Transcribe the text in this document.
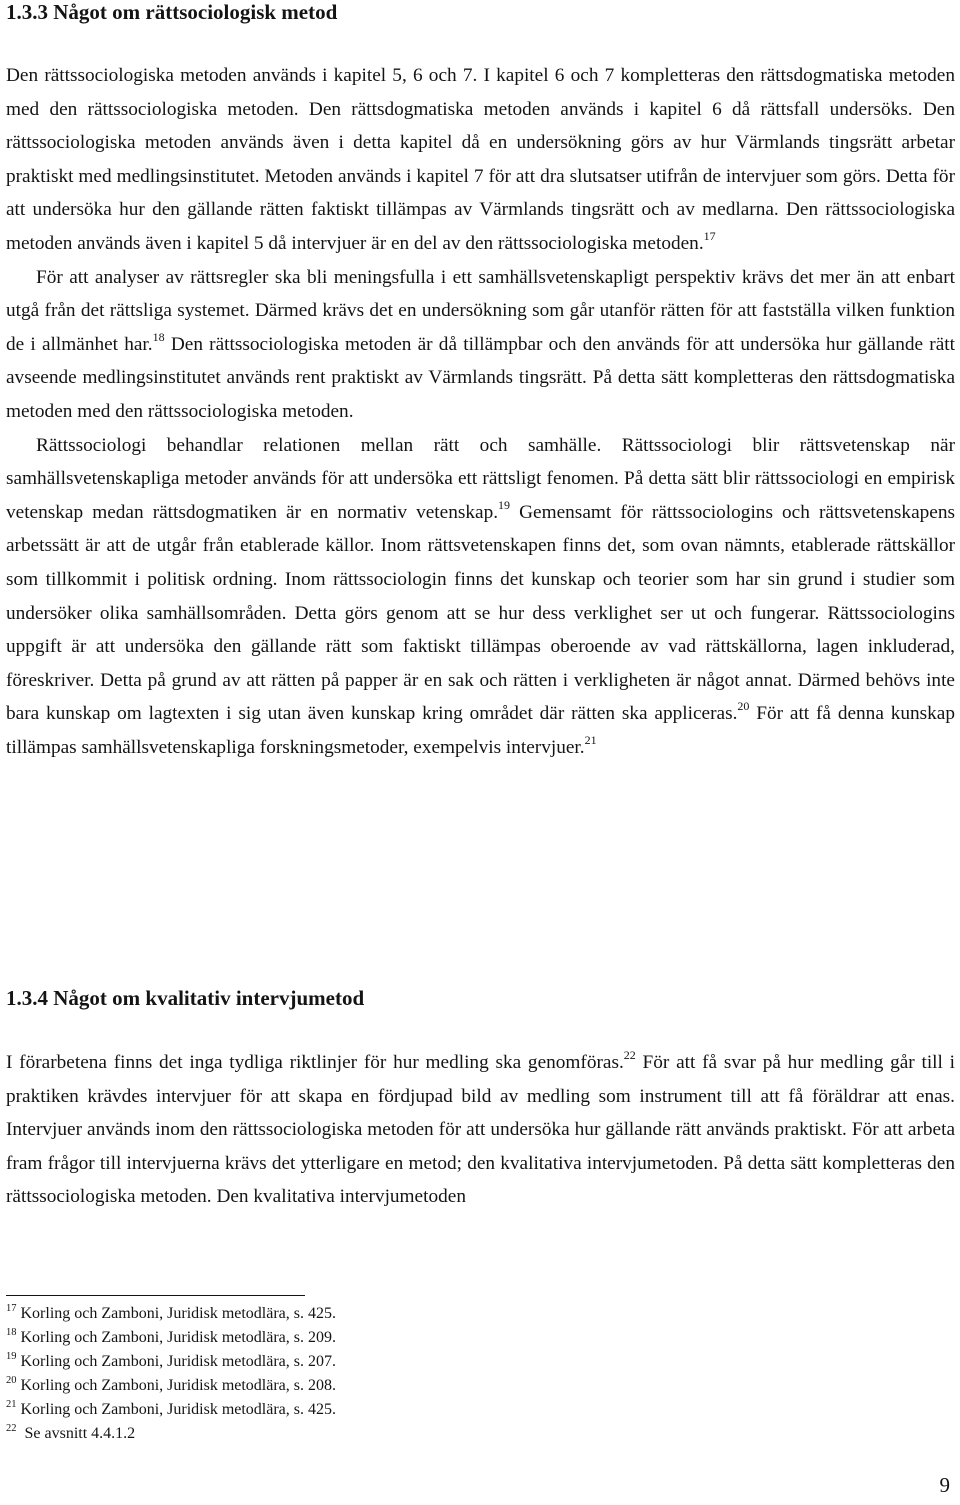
1.3.3 Något om rättsociologisk metod

Den rättssociologiska metoden används i kapitel 5, 6 och 7. I kapitel 6 och 7 kompletteras den rättsdogmatiska metoden med den rättssociologiska metoden. Den rättsdogmatiska metoden används i kapitel 6 då rättsfall undersöks. Den rättssociologiska metoden används även i detta kapitel då en undersökning görs av hur Värmlands tingsrätt arbetar praktiskt med medlingsinstitutet. Metoden används i kapitel 7 för att dra slutsatser utifrån de intervjuer som görs. Detta för att undersöka hur den gällande rätten faktiskt tillämpas av Värmlands tingsrätt och av medlarna. Den rättssociologiska metoden används även i kapitel 5 då intervjuer är en del av den rättssociologiska metoden.$^{17}$
För att analyser av rättsregler ska bli meningsfulla i ett samhällsvetenskapligt perspektiv krävs det mer än att enbart utgå från det rättsliga systemet. Därmed krävs det en undersökning som går utanför rätten för att fastställa vilken funktion de i allmänhet har.$^{18}$ Den rättssociologiska metoden är då tillämpbar och den används för att undersöka hur gällande rätt avseende medlingsinstitutet används rent praktiskt av Värmlands tingsrätt. På detta sätt kompletteras den rättsdogmatiska metoden med den rättssociologiska metoden.
Rättssociologi behandlar relationen mellan rätt och samhälle. Rättssociologi blir rättsvetenskap när samhällsvetenskapliga metoder används för att undersöka ett rättsligt fenomen. På detta sätt blir rättssociologi en empirisk vetenskap medan rättsdogmatiken är en normativ vetenskap.$^{19}$ Gemensamt för rättssociologins och rättsvetenskapens arbetssätt är att de utgår från etablerade källor. Inom rättsvetenskapen finns det, som ovan nämnts, etablerade rättskällor som tillkommit i politisk ordning. Inom rättssociologin finns det kunskap och teorier som har sin grund i studier som undersöker olika samhällsområden. Detta görs genom att se hur dess verklighet ser ut och fungerar. Rättssociologins uppgift är att undersöka den gällande rätt som faktiskt tillämpas oberoende av vad rättskällorna, lagen inkluderad, föreskriver. Detta på grund av att rätten på papper är en sak och rätten i verkligheten är något annat. Därmed behövs inte bara kunskap om lagtexten i sig utan även kunskap kring området där rätten ska appliceras.$^{20}$ För att få denna kunskap tillämpas samhällsvetenskapliga forskningsmetoder, exempelvis intervjuer.$^{21}$

1.3.4 Något om kvalitativ intervjumetod

I förarbetena finns det inga tydliga riktlinjer för hur medling ska genomföras.$^{22}$ För att få svar på hur medling går till i praktiken krävdes intervjuer för att skapa en fördjupad bild av medling som instrument till att få föräldrar att enas. Intervjuer används inom den rättssociologiska metoden för att undersöka hur gällande rätt används praktiskt. För att arbeta fram frågor till intervjuerna krävs det ytterligare en metod; den kvalitativa intervjumetoden. På detta sätt kompletteras den rättssociologiska metoden. Den kvalitativa intervjumetoden

$^{17}$ Korling och Zamboni, Juridisk metodlära, s. 425.
$^{18}$ Korling och Zamboni, Juridisk metodlära, s. 209.
$^{19}$ Korling och Zamboni, Juridisk metodlära, s. 207.
$^{20}$ Korling och Zamboni, Juridisk metodlära, s. 208.
$^{21}$ Korling och Zamboni, Juridisk metodlära, s. 425.
$^{22}$ Se avsnitt 4.4.1.2
9
